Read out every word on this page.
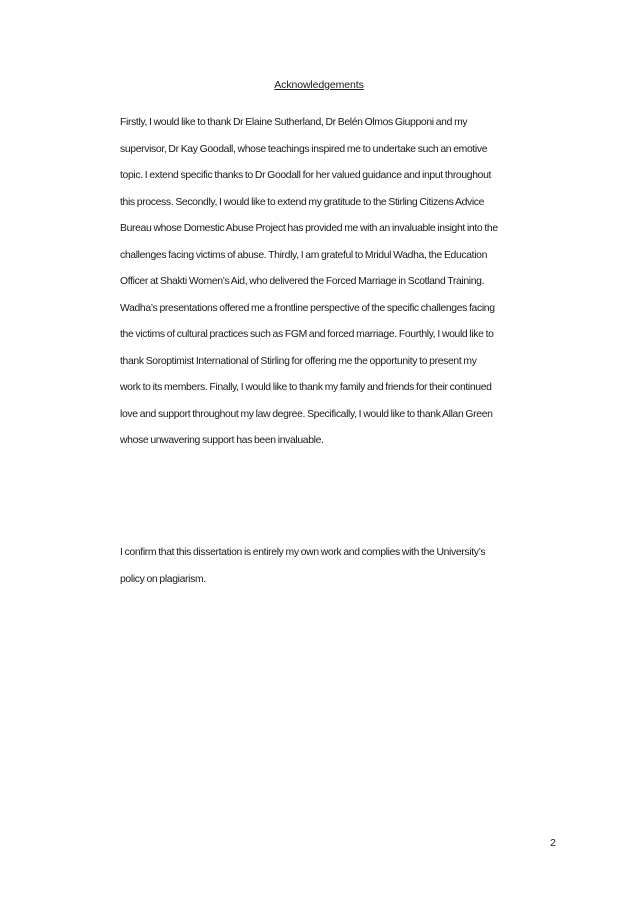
Acknowledgements
Firstly, I would like to thank Dr Elaine Sutherland, Dr Belén Olmos Giupponi and my
supervisor, Dr Kay Goodall, whose teachings inspired me to undertake such an emotive
topic. I extend specific thanks to Dr Goodall for her valued guidance and input throughout
this process. Secondly, I would like to extend my gratitude to the Stirling Citizens Advice
Bureau whose Domestic Abuse Project has provided me with an invaluable insight into the
challenges facing victims of abuse. Thirdly, I am grateful to Mridul Wadha, the Education
Officer at Shakti Women’s Aid, who delivered the Forced Marriage in Scotland Training.
Wadha’s presentations offered me a frontline perspective of the specific challenges facing
the victims of cultural practices such as FGM and forced marriage. Fourthly, I would like to
thank Soroptimist International of Stirling for offering me the opportunity to present my
work to its members. Finally, I would like to thank my family and friends for their continued
love and support throughout my law degree. Specifically, I would like to thank Allan Green
whose unwavering support has been invaluable.
I confirm that this dissertation is entirely my own work and complies with the University’s
policy on plagiarism.
2
